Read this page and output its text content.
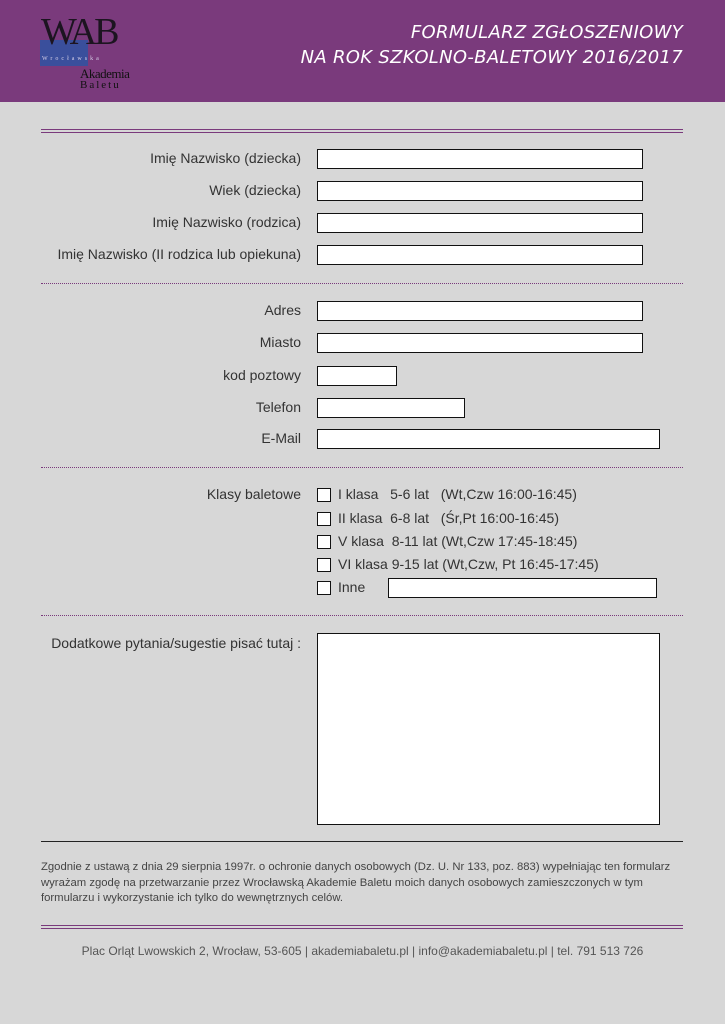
WAB
Wrocławska
Akademia
Baletu
FORMULARZ ZGŁOSZENIOWY
NA ROK SZKOLNO-BALETOWY 2016/2017
Imię Nazwisko (dziecka)
Wiek (dziecka)
Imię Nazwisko (rodzica)
Imię Nazwisko (II rodzica lub opiekuna)
Adres
Miasto
kod poztowy
Telefon
E-Mail
Klasy baletowe	I klasa   5-6 lat   (Wt,Czw 16:00-16:45)
II klasa  6-8 lat   (Śr,Pt 16:00-16:45)
V klasa  8-11 lat (Wt,Czw 17:45-18:45)
VI klasa 9-15 lat (Wt,Czw, Pt 16:45-17:45)
Inne
Dodatkowe pytania/sugestie pisać tutaj :
Zgodnie z ustawą z dnia 29 sierpnia 1997r. o ochronie danych osobowych (Dz. U. Nr 133, poz. 883) wypełniając ten formularz wyrażam zgodę na przetwarzanie przez Wrocławską Akademie Baletu moich danych osobowych zamieszczonych w tym formularzu i wykorzystanie ich tylko do wewnętrznych celów.
Plac Orląt Lwowskich 2, Wrocław, 53-605 | akademiabaletu.pl | info@akademiabaletu.pl | tel. 791 513 726
